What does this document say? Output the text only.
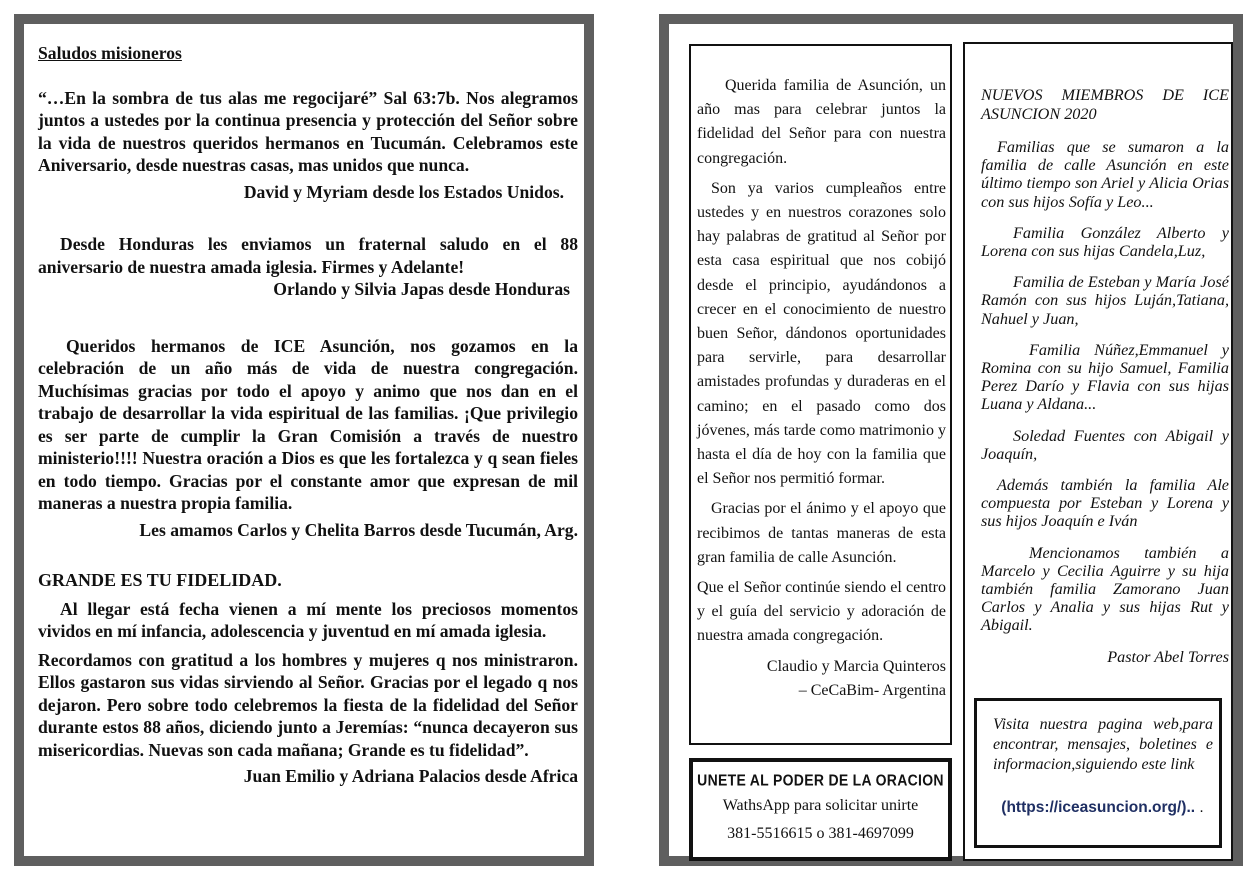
Saludos misioneros

“…En la sombra de tus alas me regocijaré” Sal 63:7b. Nos alegramos juntos a ustedes por la continua presencia y protección del Señor sobre la vida de nuestros queridos hermanos en Tucumán. Celebramos este Aniversario, desde nuestras casas, mas unidos que nunca.

David y Myriam desde los Estados Unidos.

Desde Honduras les enviamos un fraternal saludo en el 88 aniversario de nuestra amada iglesia. Firmes y Adelante!

Orlando y Silvia Japas desde Honduras

Queridos hermanos de ICE Asunción, nos gozamos en la celebración de un año más de vida de nuestra congregación. Muchísimas gracias por todo el apoyo y animo que nos dan en el trabajo de desarrollar la vida espiritual de las familias. ¡Que privilegio es ser parte de cumplir la Gran Comisión a través de nuestro ministerio!!!! Nuestra oración a Dios es que les fortalezca y q sean fieles en todo tiempo. Gracias por el constante amor que expresan de mil maneras a nuestra propia familia.

Les amamos Carlos y Chelita Barros desde Tucumán, Arg.

GRANDE ES TU FIDELIDAD.

Al llegar está fecha vienen a mí mente los preciosos momentos vividos en mí infancia, adolescencia y juventud en mí amada iglesia.

Recordamos con gratitud a los hombres y mujeres q nos ministraron. Ellos gastaron sus vidas sirviendo al Señor. Gracias por el legado q nos dejaron. Pero sobre todo celebremos la fiesta de la fidelidad del Señor durante estos 88 años, diciendo junto a Jeremías: “nunca decayeron sus misericordias. Nuevas son cada mañana; Grande es tu fidelidad”.

Juan Emilio y Adriana Palacios desde Africa

Querida familia de Asunción, un año mas para celebrar juntos la fidelidad del Señor para con nuestra congregación.

Son ya varios cumpleaños entre ustedes y en nuestros corazones solo hay palabras de gratitud al Señor por esta casa espiritual que nos cobijó desde el principio, ayudándonos a crecer en el conocimiento de nuestro buen Señor, dándonos oportunidades para servirle, para desarrollar amistades profundas y duraderas en el camino; en el pasado como dos jóvenes, más tarde como matrimonio y hasta el día de hoy con la familia que el Señor nos permitió formar.

Gracias por el ánimo y el apoyo que recibimos de tantas maneras de esta gran familia de calle Asunción.

Que el Señor continúe siendo el centro y el guía del servicio y adoración de nuestra amada congregación.

Claudio y Marcia Quinteros
– CeCaBim- Argentina

UNETE AL PODER DE LA ORACION
WathsApp para solicitar unirte
381-5516615 o 381-4697099

NUEVOS MIEMBROS DE ICE ASUNCION 2020

Familias que se sumaron a la familia de calle Asunción en este último tiempo son Ariel y Alicia Orias con sus hijos Sofía y Leo...

Familia González Alberto y Lorena con sus hijas Candela,Luz,

Familia de Esteban y María José Ramón con sus hijos Luján,Tatiana, Nahuel y Juan,

Familia Núñez,Emmanuel y Romina con su hijo Samuel, Familia Perez Darío y Flavia con sus hijas Luana y Aldana...

Soledad Fuentes con Abigail y Joaquín,

Además también la familia Ale compuesta por Esteban y Lorena y sus hijos Joaquín e Iván

Mencionamos también a Marcelo y Cecilia Aguirre y su hija también familia Zamorano Juan Carlos y Analia y sus hijas Rut y Abigail.

Pastor Abel Torres

Visita nuestra pagina web,para encontrar, mensajes, boletines e informacion,siguiendo este link
(https://iceasuncion.org/).. .
